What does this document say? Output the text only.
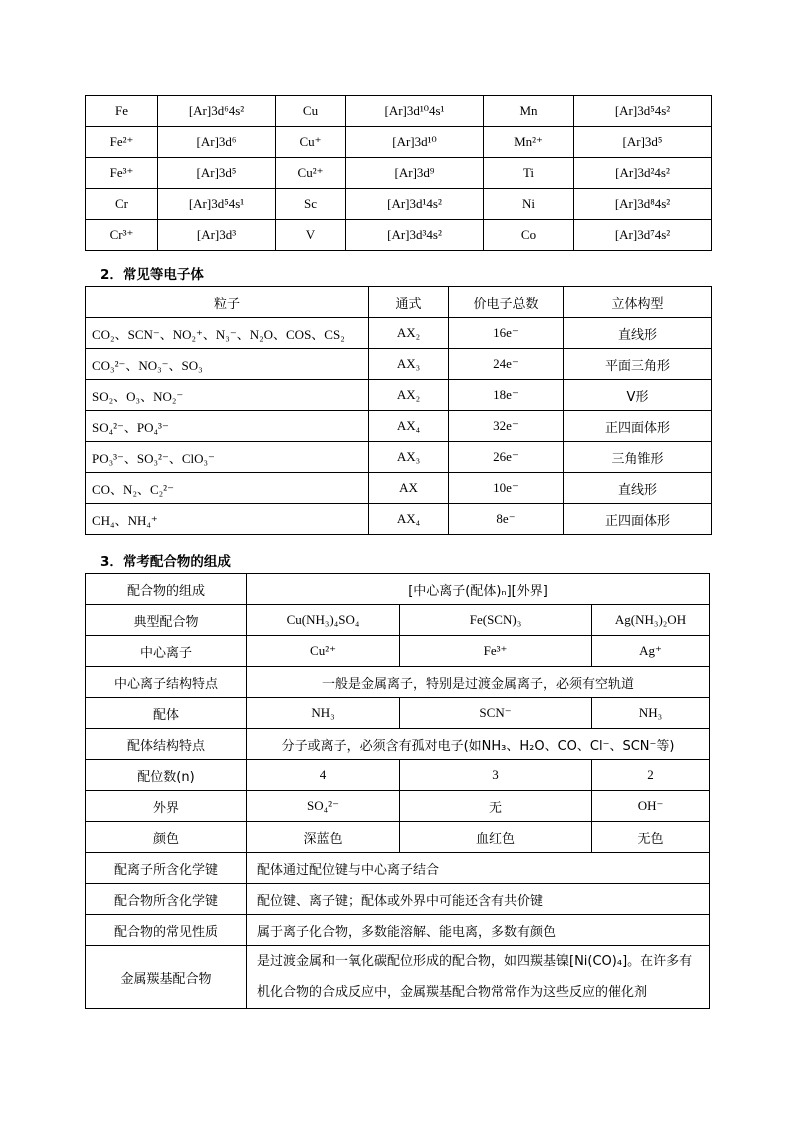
Fe	[Ar]3d⁶4s²	Cu	[Ar]3d¹⁰4s¹	Mn	[Ar]3d⁵4s²
Fe²⁺	[Ar]3d⁶	Cu⁺	[Ar]3d¹⁰	Mn²⁺	[Ar]3d⁵
Fe³⁺	[Ar]3d⁵	Cu²⁺	[Ar]3d⁹	Ti	[Ar]3d²4s²
Cr	[Ar]3d⁵4s¹	Sc	[Ar]3d¹4s²	Ni	[Ar]3d⁸4s²
Cr³⁺	[Ar]3d³	V	[Ar]3d³4s²	Co	[Ar]3d⁷4s²
2．常见等电子体
粒子	通式	价电子总数	立体构型
CO₂、SCN⁻、NO₂⁺、N₃⁻、N₂O、COS、CS₂	AX₂	16e⁻	直线形
CO₃²⁻、NO₃⁻、SO₃	AX₃	24e⁻	平面三角形
SO₂、O₃、NO₂⁻	AX₂	18e⁻	V形
SO₄²⁻、PO₄³⁻	AX₄	32e⁻	正四面体形
PO₃³⁻、SO₃²⁻、ClO₃⁻	AX₃	26e⁻	三角锥形
CO、N₂、C₂²⁻	AX	10e⁻	直线形
CH₄、NH₄⁺	AX₄	8e⁻	正四面体形
3．常考配合物的组成
配合物的组成	[中心离子(配体)ₙ][外界]		
典型配合物	Cu(NH₃)₄SO₄	Fe(SCN)₃	Ag(NH₃)₂OH
中心离子	Cu²⁺	Fe³⁺	Ag⁺
中心离子结构特点	一般是金属离子，特别是过渡金属离子，必须有空轨道		
配体	NH₃	SCN⁻	NH₃
配体结构特点	分子或离子，必须含有孤对电子(如NH₃、H₂O、CO、Cl⁻、SCN⁻等)		
配位数(n)	4	3	2
外界	SO₄²⁻	无	OH⁻
颜色	深蓝色	血红色	无色
配离子所含化学键	配体通过配位键与中心离子结合		
配合物所含化学键	配位键、离子键；配体或外界中可能还含有共价键		
配合物的常见性质	属于离子化合物，多数能溶解、能电离，多数有颜色		
金属羰基配合物	是过渡金属和一氧化碳配位形成的配合物，如四羰基镍[Ni(CO)₄]。在许多有机化合物的合成反应中，金属羰基配合物常常作为这些反应的催化剂		
